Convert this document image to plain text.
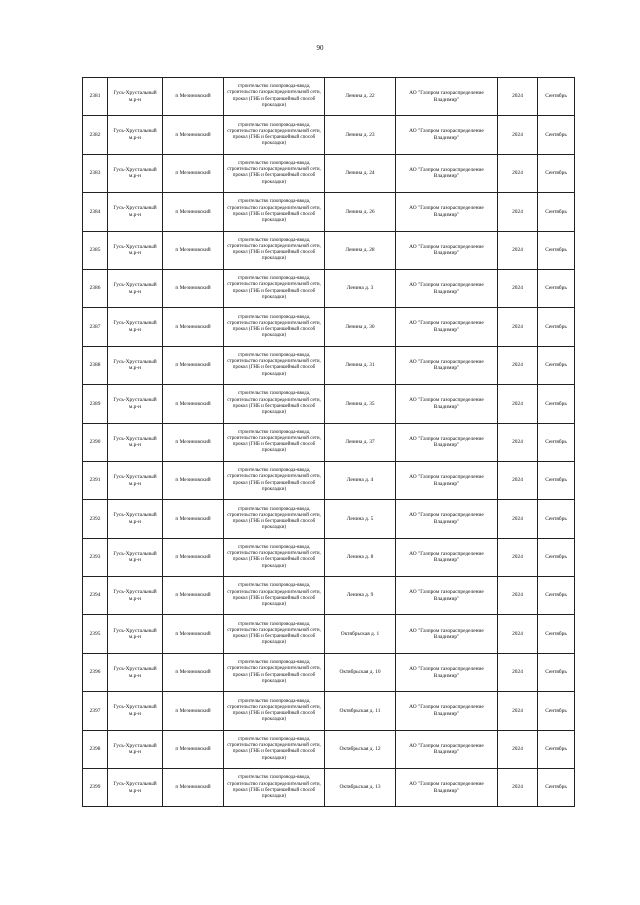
90
2381	Гусь-Хрустальный м.р-н	п Мезиновский	строительство газопровода-ввода, строительство газораспределительной сети, прокол (ГНБ и бестраншейный способ прокладки)	Ленина д. 22	АО "Газпром газораспределение Владимир"	2024	Сентябрь
2382	Гусь-Хрустальный м.р-н	п Мезиновский	строительство газопровода-ввода, строительство газораспределительной сети, прокол (ГНБ и бестраншейный способ прокладки)	Ленина д. 23	АО "Газпром газораспределение Владимир"	2024	Сентябрь
2383	Гусь-Хрустальный м.р-н	п Мезиновский	строительство газопровода-ввода, строительство газораспределительной сети, прокол (ГНБ и бестраншейный способ прокладки)	Ленина д. 24	АО "Газпром газораспределение Владимир"	2024	Сентябрь
2384	Гусь-Хрустальный м.р-н	п Мезиновский	строительство газопровода-ввода, строительство газораспределительной сети, прокол (ГНБ и бестраншейный способ прокладки)	Ленина д. 26	АО "Газпром газораспределение Владимир"	2024	Сентябрь
2385	Гусь-Хрустальный м.р-н	п Мезиновский	строительство газопровода-ввода, строительство газораспределительной сети, прокол (ГНБ и бестраншейный способ прокладки)	Ленина д. 28	АО "Газпром газораспределение Владимир"	2024	Сентябрь
2386	Гусь-Хрустальный м.р-н	п Мезиновский	строительство газопровода-ввода, строительство газораспределительной сети, прокол (ГНБ и бестраншейный способ прокладки)	Ленина д. 3	АО "Газпром газораспределение Владимир"	2024	Сентябрь
2387	Гусь-Хрустальный м.р-н	п Мезиновский	строительство газопровода-ввода, строительство газораспределительной сети, прокол (ГНБ и бестраншейный способ прокладки)	Ленина д. 30	АО "Газпром газораспределение Владимир"	2024	Сентябрь
2388	Гусь-Хрустальный м.р-н	п Мезиновский	строительство газопровода-ввода, строительство газораспределительной сети, прокол (ГНБ и бестраншейный способ прокладки)	Ленина д. 31	АО "Газпром газораспределение Владимир"	2024	Сентябрь
2389	Гусь-Хрустальный м.р-н	п Мезиновский	строительство газопровода-ввода, строительство газораспределительной сети, прокол (ГНБ и бестраншейный способ прокладки)	Ленина д. 35	АО "Газпром газораспределение Владимир"	2024	Сентябрь
2390	Гусь-Хрустальный м.р-н	п Мезиновский	строительство газопровода-ввода, строительство газораспределительной сети, прокол (ГНБ и бестраншейный способ прокладки)	Ленина д. 37	АО "Газпром газораспределение Владимир"	2024	Сентябрь
2391	Гусь-Хрустальный м.р-н	п Мезиновский	строительство газопровода-ввода, строительство газораспределительной сети, прокол (ГНБ и бестраншейный способ прокладки)	Ленина д. 4	АО "Газпром газораспределение Владимир"	2024	Сентябрь
2392	Гусь-Хрустальный м.р-н	п Мезиновский	строительство газопровода-ввода, строительство газораспределительной сети, прокол (ГНБ и бестраншейный способ прокладки)	Ленина д. 5	АО "Газпром газораспределение Владимир"	2024	Сентябрь
2393	Гусь-Хрустальный м.р-н	п Мезиновский	строительство газопровода-ввода, строительство газораспределительной сети, прокол (ГНБ и бестраншейный способ прокладки)	Ленина д. 8	АО "Газпром газораспределение Владимир"	2024	Сентябрь
2394	Гусь-Хрустальный м.р-н	п Мезиновский	строительство газопровода-ввода, строительство газораспределительной сети, прокол (ГНБ и бестраншейный способ прокладки)	Ленина д. 9	АО "Газпром газораспределение Владимир"	2024	Сентябрь
2395	Гусь-Хрустальный м.р-н	п Мезиновский	строительство газопровода-ввода, строительство газораспределительной сети, прокол (ГНБ и бестраншейный способ прокладки)	Октябрьская д. 1	АО "Газпром газораспределение Владимир"	2024	Сентябрь
2396	Гусь-Хрустальный м.р-н	п Мезиновский	строительство газопровода-ввода, строительство газораспределительной сети, прокол (ГНБ и бестраншейный способ прокладки)	Октябрьская д. 10	АО "Газпром газораспределение Владимир"	2024	Сентябрь
2397	Гусь-Хрустальный м.р-н	п Мезиновский	строительство газопровода-ввода, строительство газораспределительной сети, прокол (ГНБ и бестраншейный способ прокладки)	Октябрьская д. 11	АО "Газпром газораспределение Владимир"	2024	Сентябрь
2398	Гусь-Хрустальный м.р-н	п Мезиновский	строительство газопровода-ввода, строительство газораспределительной сети, прокол (ГНБ и бестраншейный способ прокладки)	Октябрьская д. 12	АО "Газпром газораспределение Владимир"	2024	Сентябрь
2399	Гусь-Хрустальный м.р-н	п Мезиновский	строительство газопровода-ввода, строительство газораспределительной сети, прокол (ГНБ и бестраншейный способ прокладки)	Октябрьская д. 13	АО "Газпром газораспределение Владимир"	2024	Сентябрь
